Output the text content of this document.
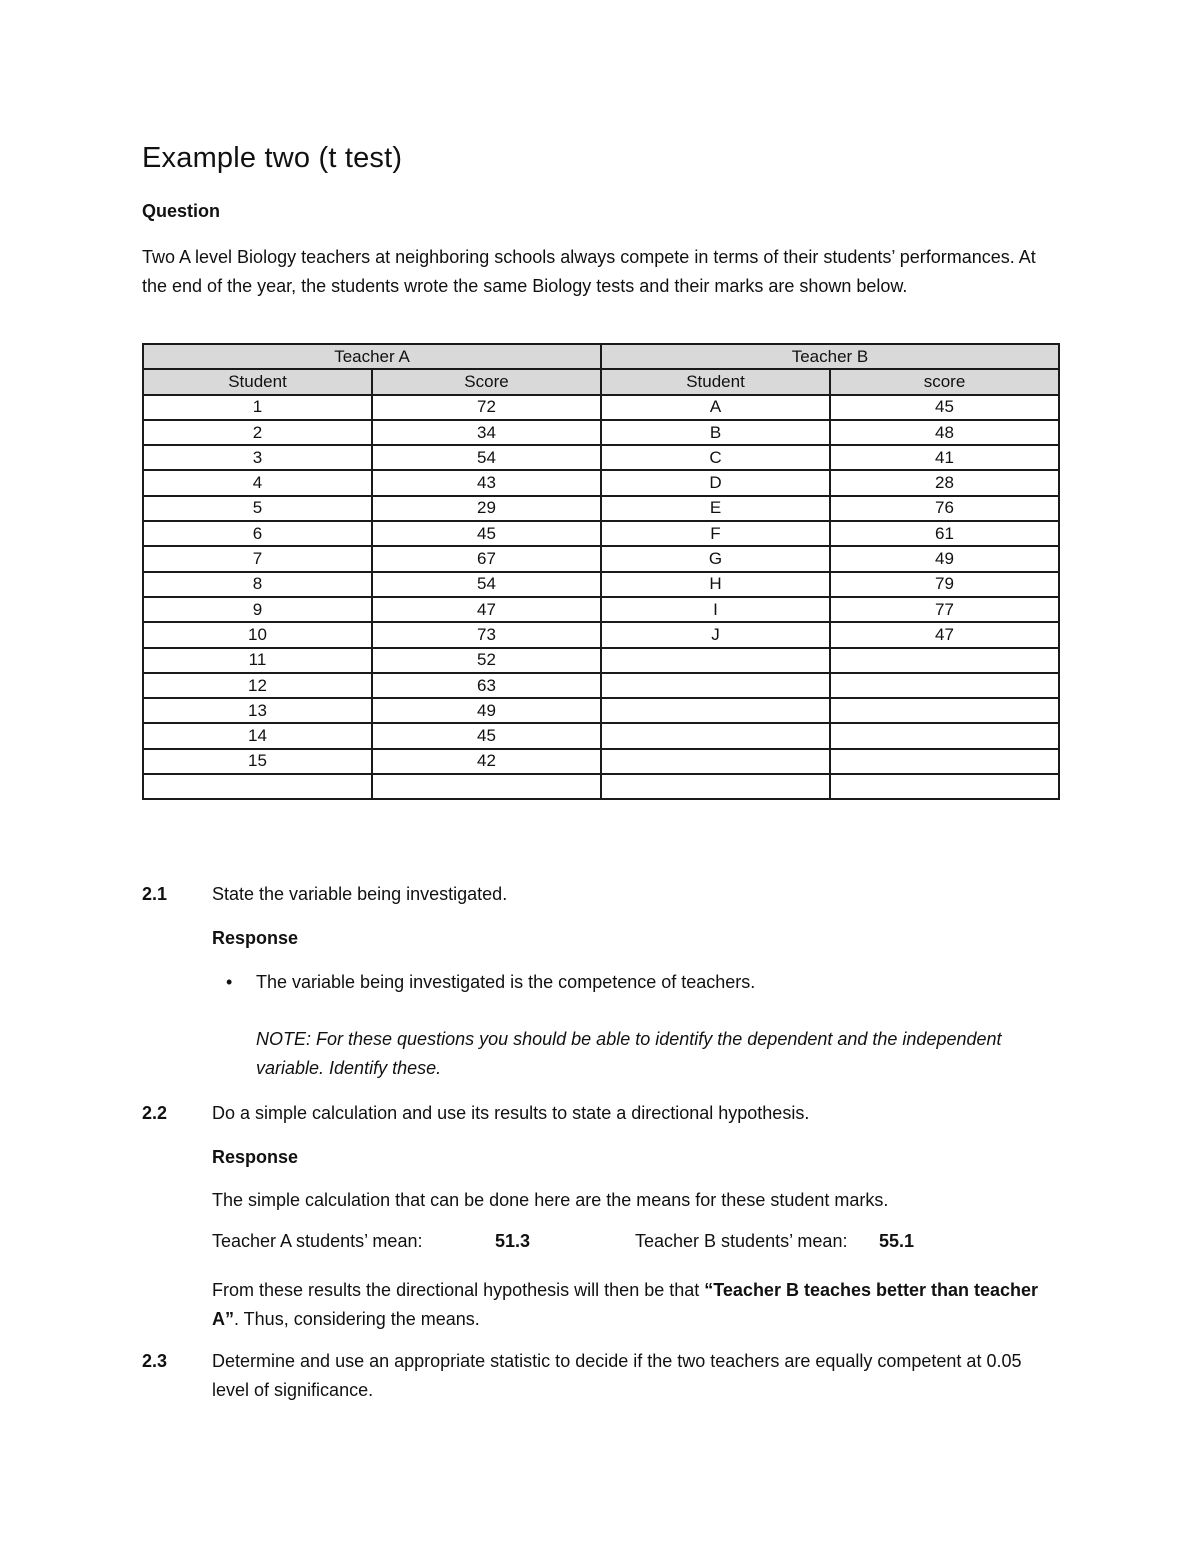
Example two (t test)
Question

Two A level Biology teachers at neighboring schools always compete in terms of their students’ performances. At the end of the year, the students wrote the same Biology tests and their marks are shown below.

Teacher A		Teacher B	
Student	Score	Student	score
1	72	A	45
2	34	B	48
3	54	C	41
4	43	D	28
5	29	E	76
6	45	F	61
7	67	G	49
8	54	H	79
9	47	I	77
10	73	J	47
11	52		
12	63		
13	49		
14	45		
15	42		

2.1 State the variable being investigated.
Response
• The variable being investigated is the competence of teachers.
NOTE: For these questions you should be able to identify the dependent and the independent variable. Identify these.
2.2 Do a simple calculation and use its results to state a directional hypothesis.
Response
The simple calculation that can be done here are the means for these student marks.
Teacher A students’ mean:	51.3	Teacher B students’ mean: 55.1
From these results the directional hypothesis will then be that “Teacher B teaches better than teacher A”. Thus, considering the means.
2.3 Determine and use an appropriate statistic to decide if the two teachers are equally competent at 0.05 level of significance.
